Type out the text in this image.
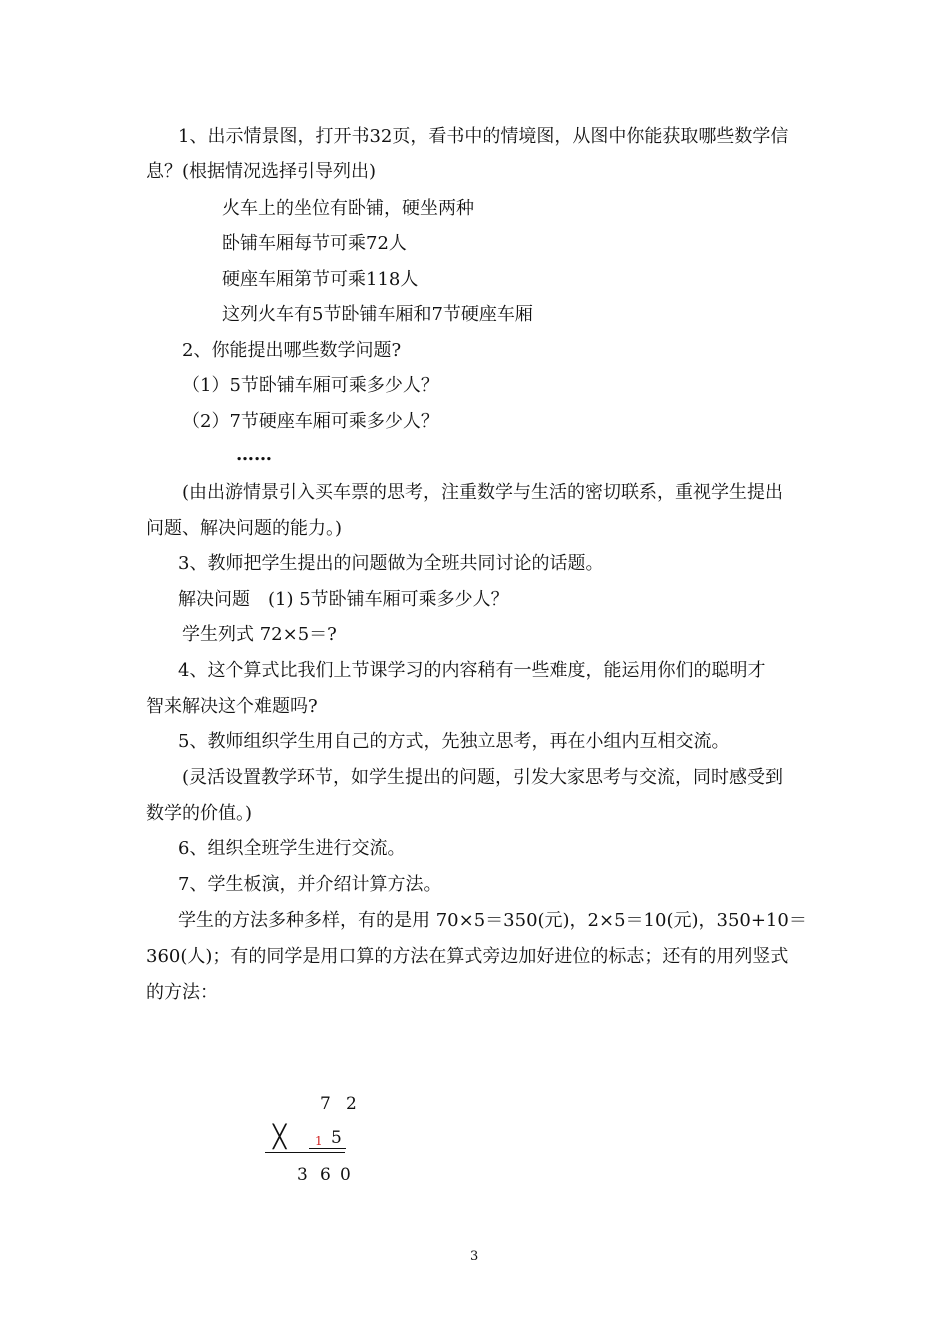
1、出示情景图，打开书32页，看书中的情境图，从图中你能获取哪些数学信
息？(根据情况选择引导列出)
火车上的坐位有卧铺，硬坐两种
卧铺车厢每节可乘72人
硬座车厢第节可乘118人
这列火车有5节卧铺车厢和7节硬座车厢
2、你能提出哪些数学问题?
（1）5节卧铺车厢可乘多少人？
（2）7节硬座车厢可乘多少人？
……
(由出游情景引入买车票的思考，注重数学与生活的密切联系，重视学生提出
问题、解决问题的能力。)
3、教师把学生提出的问题做为全班共同讨论的话题。
解决问题　(1) 5节卧铺车厢可乘多少人？
学生列式 72×5＝?
4、这个算式比我们上节课学习的内容稍有一些难度，能运用你们的聪明才
智来解决这个难题吗?
5、教师组织学生用自己的方式，先独立思考，再在小组内互相交流。
(灵活设置教学环节，如学生提出的问题，引发大家思考与交流，同时感受到
数学的价值。)
6、组织全班学生进行交流。
7、学生板演，并介绍计算方法。
学生的方法多种多样，有的是用 70×5＝350(元)，2×5＝10(元)，350+10＝
360(人)；有的同学是用口算的方法在算式旁边加好进位的标志；还有的用列竖式
的方法：
7 2
╳ 1 5
3 6 0
3
